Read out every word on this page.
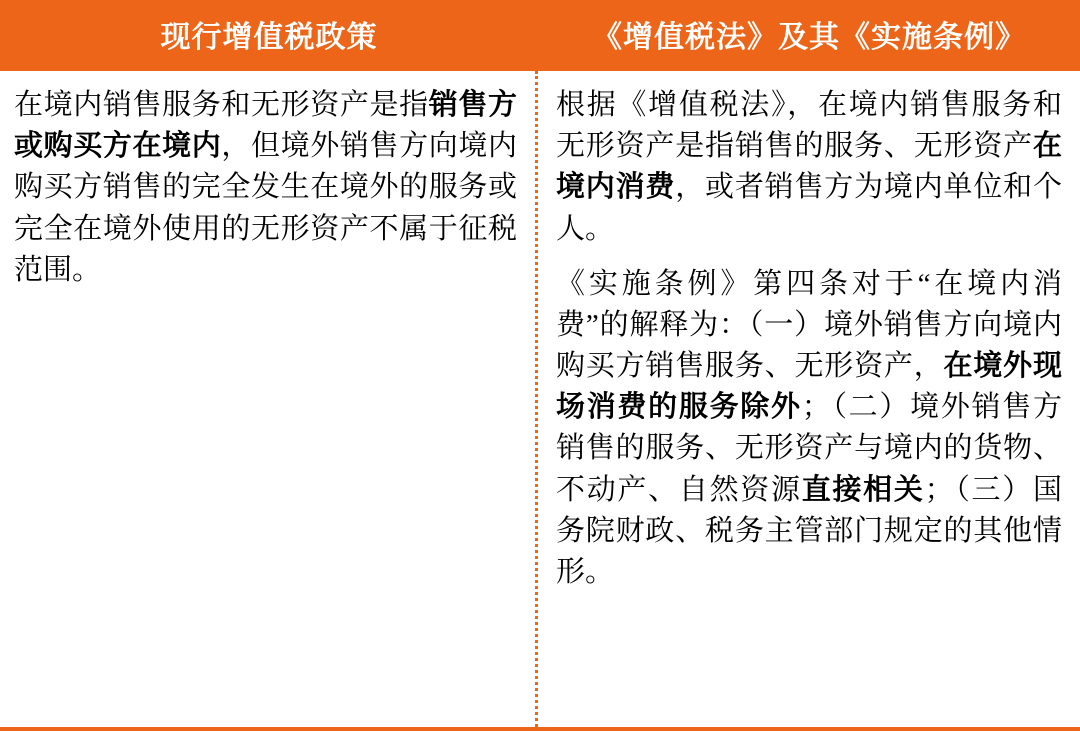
现行增值税政策	《增值税法》及其《实施条例》
在境内销售服务和无形资产是指销售方或购买方在境内，但境外销售方向境内购买方销售的完全发生在境外的服务或完全在境外使用的无形资产不属于征税范围。
根据《增值税法》，在境内销售服务和无形资产是指销售的服务、无形资产在境内消费，或者销售方为境内单位和个人。
《实施条例》第四条对于“在境内消费”的解释为：（一）境外销售方向境内购买方销售服务、无形资产，在境外现场消费的服务除外；（二）境外销售方销售的服务、无形资产与境内的货物、不动产、自然资源直接相关；（三）国务院财政、税务主管部门规定的其他情形。
